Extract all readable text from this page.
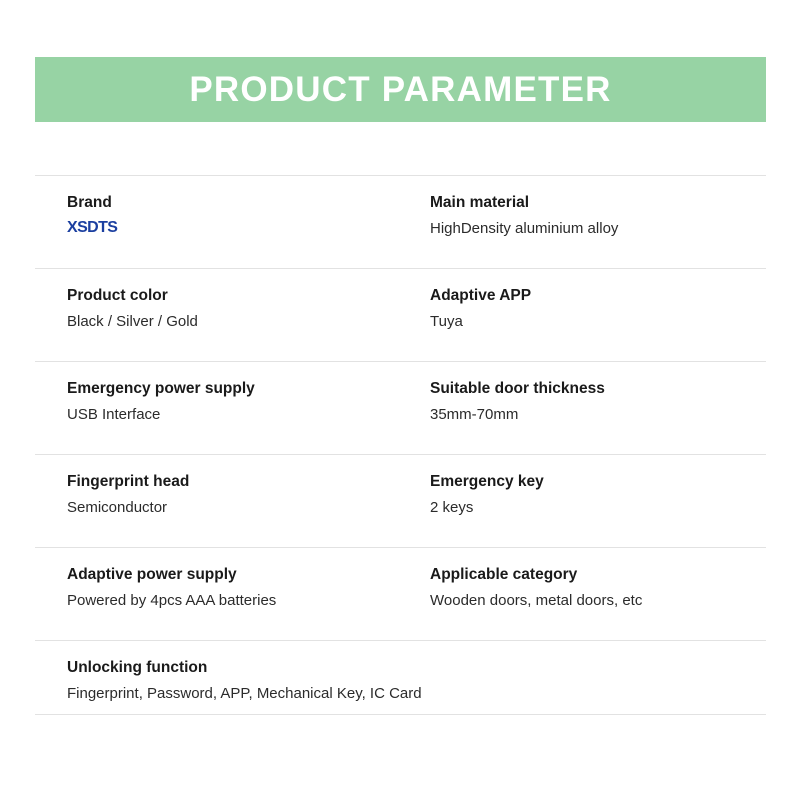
PRODUCT PARAMETER

Brand

XSDTS

Main material

HighDensity aluminium alloy

Product color

Black / Silver / Gold

Adaptive APP

Tuya

Emergency power supply

USB Interface

Suitable door thickness

35mm-70mm

Fingerprint head

Semiconductor

Emergency key

2 keys

Adaptive power supply

Powered by 4pcs AAA batteries

Applicable category

Wooden doors, metal doors, etc

Unlocking function

Fingerprint, Password, APP, Mechanical Key, IC Card
